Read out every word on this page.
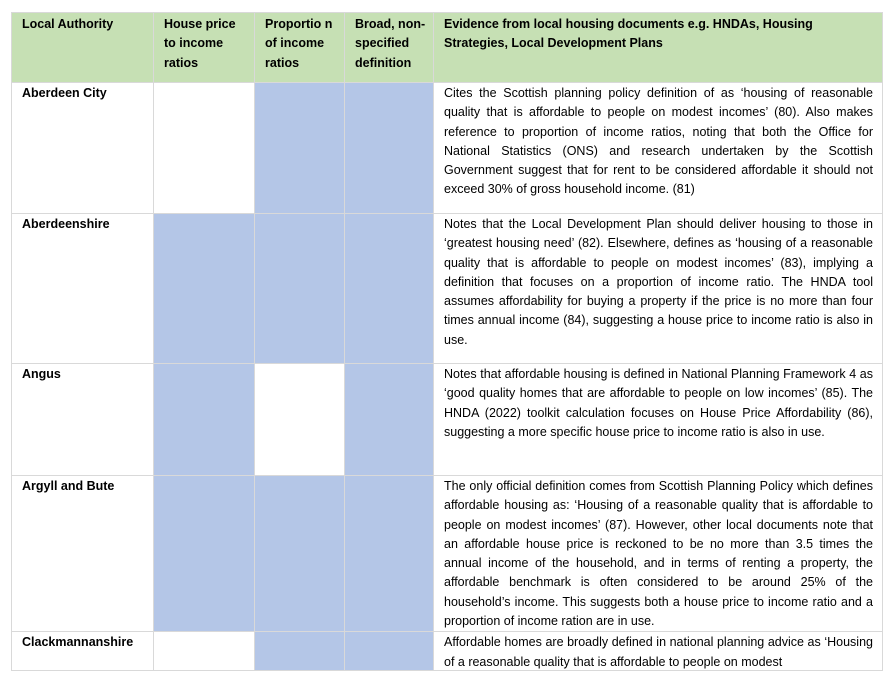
Local Authority	House price to income ratios	Proportio n of income ratios	Broad, non-specified definition	Evidence from local housing documents e.g. HNDAs, Housing Strategies, Local Development Plans
Aberdeen City				Cites the Scottish planning policy definition of as ‘housing of reasonable quality that is affordable to people on modest incomes’ (80). Also makes reference to proportion of income ratios, noting that both the Office for National Statistics (ONS) and research undertaken by the Scottish Government suggest that for rent to be considered affordable it should not exceed 30% of gross household income. (81)
Aberdeenshire				Notes that the Local Development Plan should deliver housing to those in ‘greatest housing need’ (82). Elsewhere, defines as ‘housing of a reasonable quality that is affordable to people on modest incomes’ (83), implying a definition that focuses on a proportion of income ratio. The HNDA tool assumes affordability for buying a property if the price is no more than four times annual income (84), suggesting a house price to income ratio is also in use.
Angus				Notes that affordable housing is defined in National Planning Framework 4 as ‘good quality homes that are affordable to people on low incomes’ (85). The HNDA (2022) toolkit calculation focuses on House Price Affordability (86), suggesting a more specific house price to income ratio is also in use.
Argyll and Bute				The only official definition comes from Scottish Planning Policy which defines affordable housing as: ‘Housing of a reasonable quality that is affordable to people on modest incomes’ (87). However, other local documents note that an affordable house price is reckoned to be no more than 3.5 times the annual income of the household, and in terms of renting a property, the affordable benchmark is often considered to be around 25% of the household’s income. This suggests both a house price to income ratio and a proportion of income ration are in use.
Clackmannanshire				Affordable homes are broadly defined in national planning advice as ‘Housing of a reasonable quality that is affordable to people on modest
